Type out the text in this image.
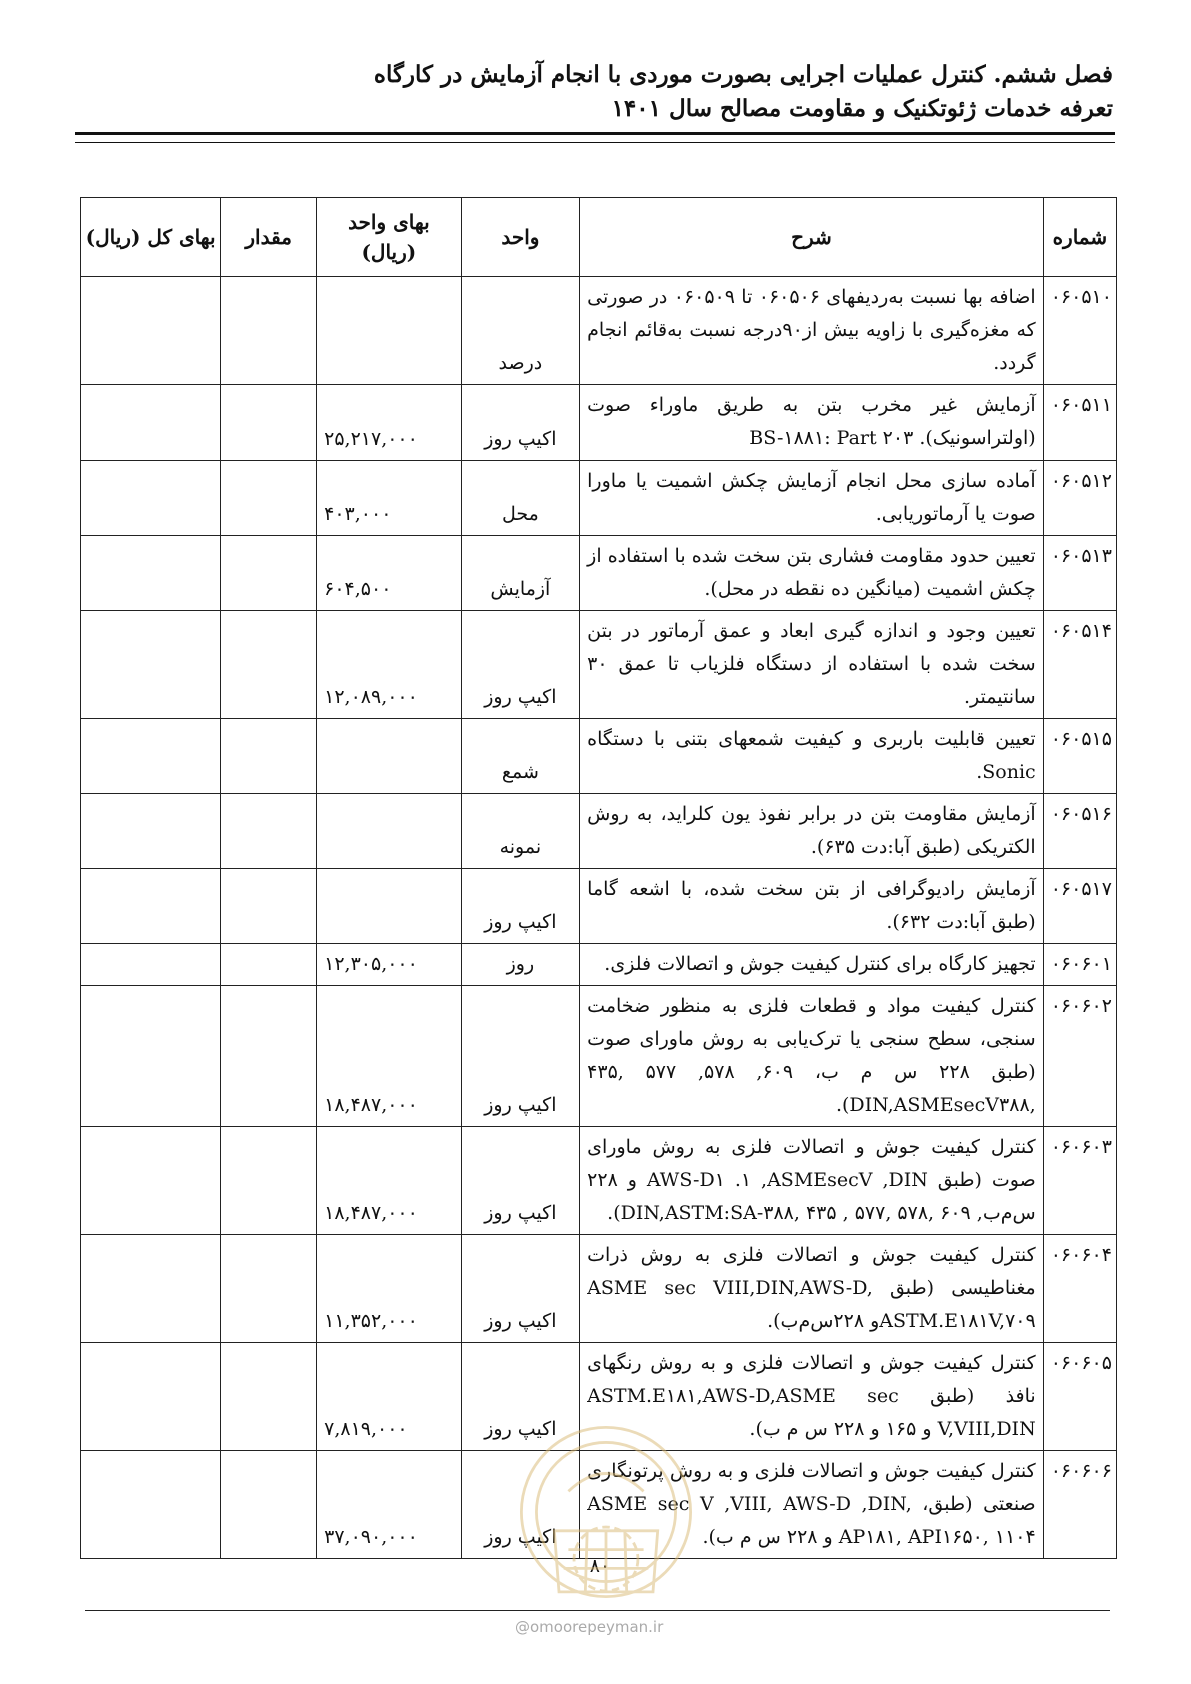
فصل ششم. کنترل عملیات اجرایی بصورت موردی با انجام آزمایش در کارگاه
تعرفه خدمات ژئوتکنیک و مقاومت مصالح سال ۱۴۰۱
شماره	شرح	واحد	بهای واحد (ریال)	مقدار	بهای کل (ریال)
۰۶۰۵۱۰	اضافه بها نسبت به‌ردیفهای ۰۶۰۵۰۶ تا ۰۶۰۵۰۹ در صورتی که مغزه‌گیری با زاویه بیش از۹۰درجه نسبت به‌قائم انجام گردد.	درصد			
۰۶۰۵۱۱	آزمایش غیر مخرب بتن به طریق ماوراء صوت (اولتراسونیک). BS-۱۸۸۱: Part ۲۰۳	اکیپ روز	۲۵,۲۱۷,۰۰۰		
۰۶۰۵۱۲	آماده سازی محل انجام آزمایش چکش اشمیت یا ماورا صوت یا آرماتوریابی.	محل	۴۰۳,۰۰۰		
۰۶۰۵۱۳	تعیین حدود مقاومت فشاری بتن سخت شده با استفاده از چکش اشمیت (میانگین ده نقطه در محل).	آزمایش	۶۰۴,۵۰۰		
۰۶۰۵۱۴	تعیین وجود و اندازه گیری ابعاد و عمق آرماتور در بتن سخت شده با استفاده از دستگاه فلزیاب تا عمق ۳۰ سانتیمتر.	اکیپ روز	۱۲,۰۸۹,۰۰۰		
۰۶۰۵۱۵	تعیین قابلیت باربری و کیفیت شمعهای بتنی با دستگاه Sonic.	شمع			
۰۶۰۵۱۶	آزمایش مقاومت بتن در برابر نفوذ یون کلراید، به روش الکتریکی (طبق آبا:دت ۶۳۵).	نمونه			
۰۶۰۵۱۷	آزمایش رادیوگرافی از بتن سخت شده، با اشعه گاما (طبق آبا:دت ۶۳۲).	اکیپ روز			
۰۶۰۶۰۱	تجهیز کارگاه برای کنترل کیفیت جوش و اتصالات فلزی.	روز	۱۲,۳۰۵,۰۰۰		
۰۶۰۶۰۲	کنترل کیفیت مواد و قطعات فلزی به منظور ضخامت سنجی، سطح سنجی یا ترک‌یابی به روش ماورای صوت (طبق ۲۲۸ س م ب، ۶۰۹, ۵۷۸, ۵۷۷ ,۴۳۵ ,DIN,ASMEsecV۳۸۸).	اکیپ روز	۱۸,۴۸۷,۰۰۰		
۰۶۰۶۰۳	کنترل کیفیت جوش و اتصالات فلزی به روش ماورای صوت (طبق AWS-D۱ .۱ ,ASMEsecV ,DIN و ۲۲۸ س‌م‌ب, ۶۰۹ ,۵۷۸ ,۵۷۷ , ۴۳۵ ,DIN,ASTM:SA-۳۸۸).	اکیپ روز	۱۸,۴۸۷,۰۰۰		
۰۶۰۶۰۴	کنترل کیفیت جوش و اتصالات فلزی به روش ذرات مغناطیسی (طبق ASME sec VIII,DIN,AWS-D, ASTM.E۱۸۱V,۷۰۹و ۲۲۸س‌م‌ب).	اکیپ روز	۱۱,۳۵۲,۰۰۰		
۰۶۰۶۰۵	کنترل کیفیت جوش و اتصالات فلزی و به روش رنگهای نافذ (طبق ASTM.E۱۸۱,AWS-D,ASME sec V,VIII,DIN و ۱۶۵ و ۲۲۸ س م ب).	اکیپ روز	۷,۸۱۹,۰۰۰		
۰۶۰۶۰۶	کنترل کیفیت جوش و اتصالات فلزی و به روش پرتونگاری صنعتی (طبق، ASME sec V ,VIII, AWS-D ,DIN, AP۱۸۱, API۱۶۵۰, ۱۱۰۴ و ۲۲۸ س م ب).	اکیپ روز	۳۷,۰۹۰,۰۰۰		
۸۰
@omoorepeyman.ir
